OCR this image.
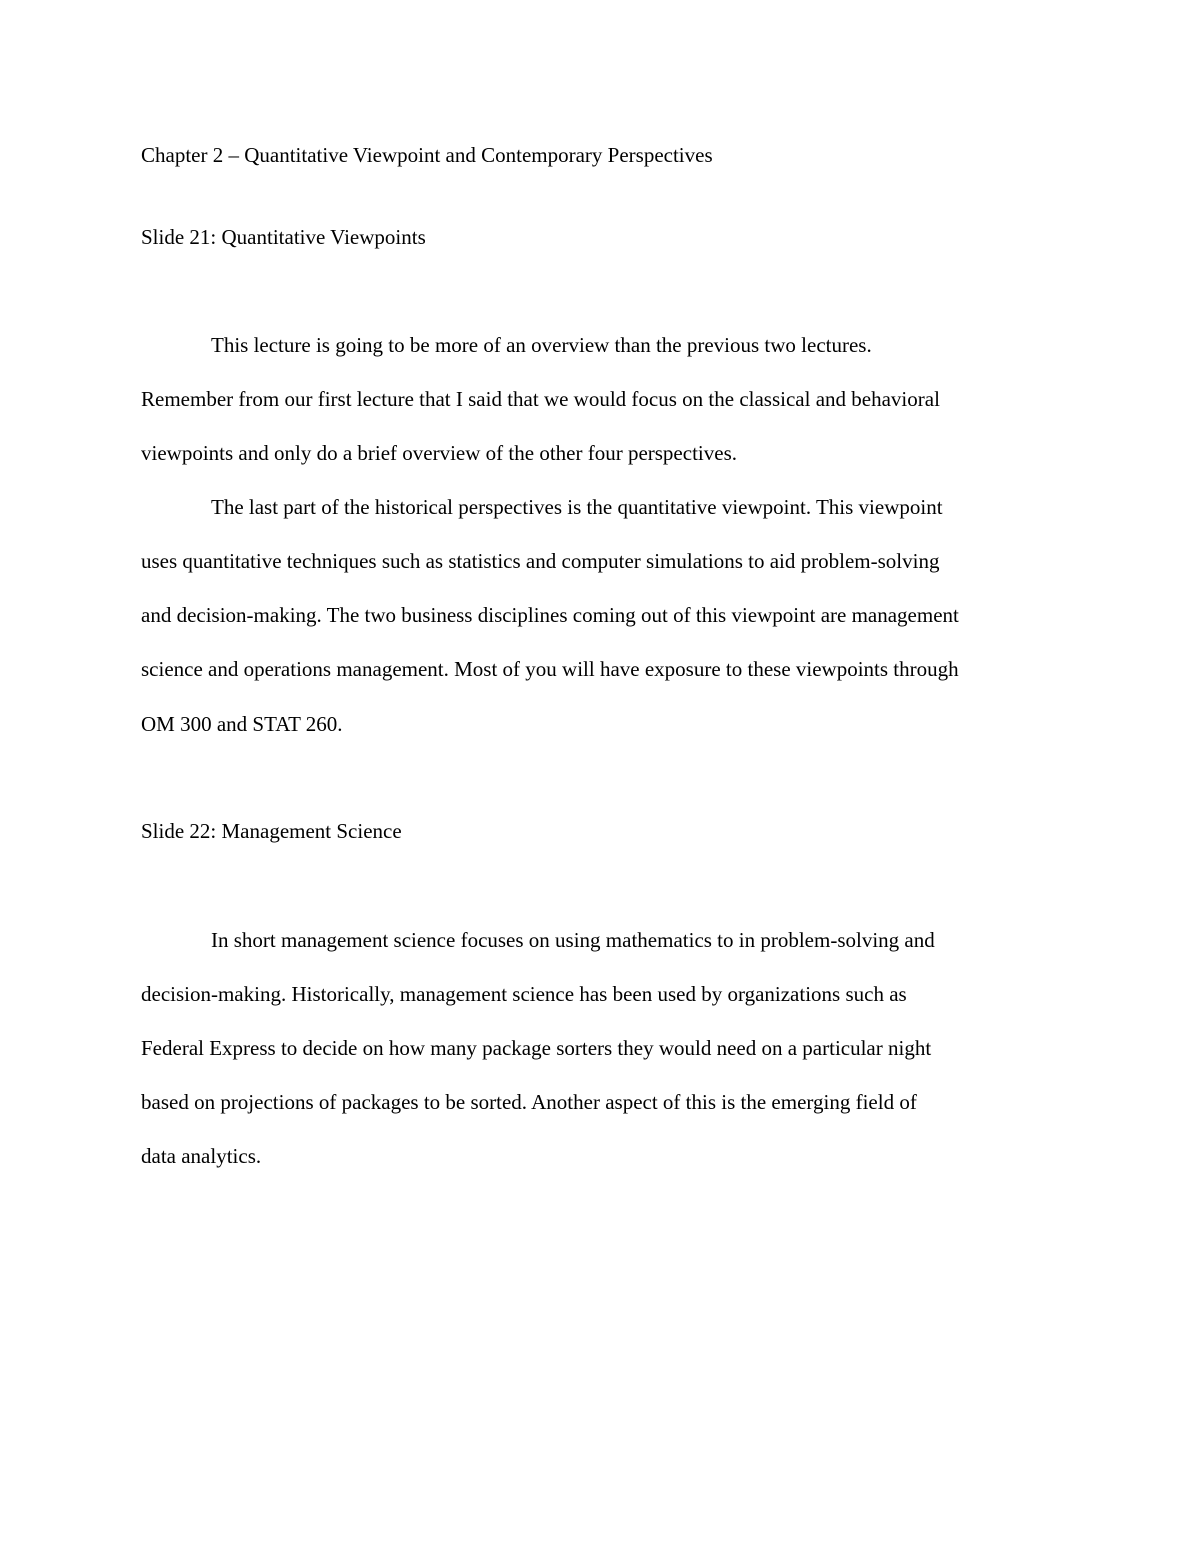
Chapter 2 – Quantitative Viewpoint and Contemporary Perspectives
Slide 21: Quantitative Viewpoints
This lecture is going to be more of an overview than the previous two lectures.
Remember from our first lecture that I said that we would focus on the classical and behavioral
viewpoints and only do a brief overview of the other four perspectives.
The last part of the historical perspectives is the quantitative viewpoint. This viewpoint
uses quantitative techniques such as statistics and computer simulations to aid problem-solving
and decision-making. The two business disciplines coming out of this viewpoint are management
science and operations management. Most of you will have exposure to these viewpoints through
OM 300 and STAT 260.
Slide 22: Management Science
In short management science focuses on using mathematics to in problem-solving and
decision-making. Historically, management science has been used by organizations such as
Federal Express to decide on how many package sorters they would need on a particular night
based on projections of packages to be sorted. Another aspect of this is the emerging field of
data analytics.
